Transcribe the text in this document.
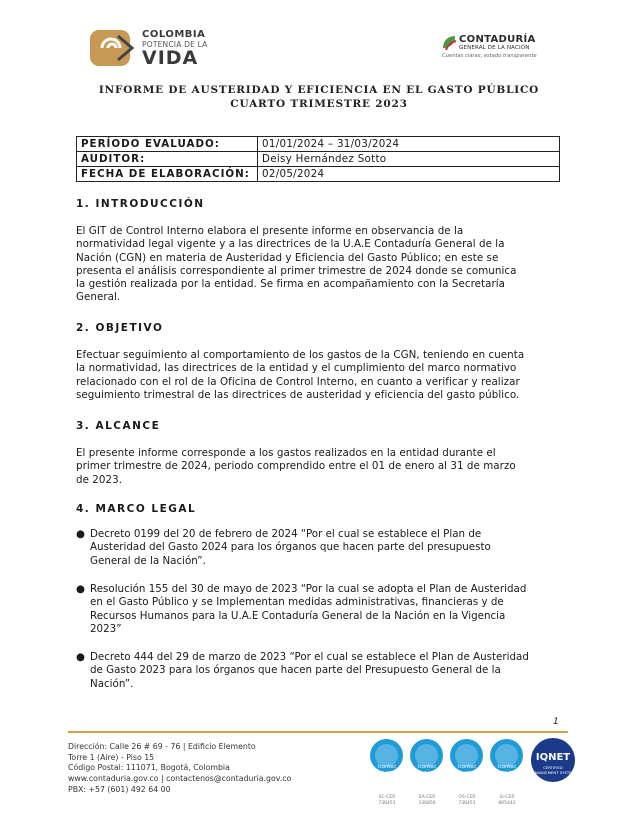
COLOMBIA
POTENCIA DE LA
VIDA
CONTADURÍA
GENERAL DE LA NACIÓN
Cuentas claras, estado transparente
INFORME DE AUSTERIDAD Y EFICIENCIA EN EL GASTO PÚBLICO
CUARTO TRIMESTRE 2023
PERÍODO EVALUADO:	01/01/2024 – 31/03/2024
AUDITOR:	Deisy Hernández Sotto
FECHA DE ELABORACIÓN:	02/05/2024
1. INTRODUCCIÓN
El GIT de Control Interno elabora el presente informe en observancia de la
normatividad legal vigente y a las directrices de la U.A.E Contaduría General de la
Nación (CGN) en materia de Austeridad y Eficiencia del Gasto Público; en este se
presenta el análisis correspondiente al primer trimestre de 2024 donde se comunica
la gestión realizada por la entidad. Se firma en acompañamiento con la Secretaría
General.
2. OBJETIVO
Efectuar seguimiento al comportamiento de los gastos de la CGN, teniendo en cuenta
la normatividad, las directrices de la entidad y el cumplimiento del marco normativo
relacionado con el rol de la Oficina de Control Interno, en cuanto a verificar y realizar
seguimiento trimestral de las directrices de austeridad y eficiencia del gasto público.
3. ALCANCE
El presente informe corresponde a los gastos realizados en la entidad durante el
primer trimestre de 2024, periodo comprendido entre el 01 de enero al 31 de marzo
de 2023.
4. MARCO LEGAL
● Decreto 0199 del 20 de febrero de 2024 “Por el cual se establece el Plan de
Austeridad del Gasto 2024 para los órganos que hacen parte del presupuesto
General de la Nación”.
● Resolución 155 del 30 de mayo de 2023 “Por la cual se adopta el Plan de Austeridad
en el Gasto Público y se Implementan medidas administrativas, financieras y de
Recursos Humanos para la U.A.E Contaduría General de la Nación en la Vigencia
2023”
● Decreto 444 del 29 de marzo de 2023 “Por el cual se establece el Plan de Austeridad
de Gasto 2023 para los órganos que hacen parte del Presupuesto General de la
Nación”.
1
Dirección: Calle 26 # 69 - 76 | Edificio Elemento
Torre 1 (Aire) - Piso 15
Código Postal: 111071, Bogotá, Colombia
www.contaduria.gov.co | contactenos@contaduria.gov.co
PBX: +57 (601) 492 64 00
icontec
ISO 9001
SC-CER
736451
icontec
ISO 14001
SA-CER
336856
icontec
ISO 45001
OS-CER
736451
icontec
ISO/IEC 27001
SI-CER
865442
IQNET
CERTIFIED MANAGEMENT SYSTEM
